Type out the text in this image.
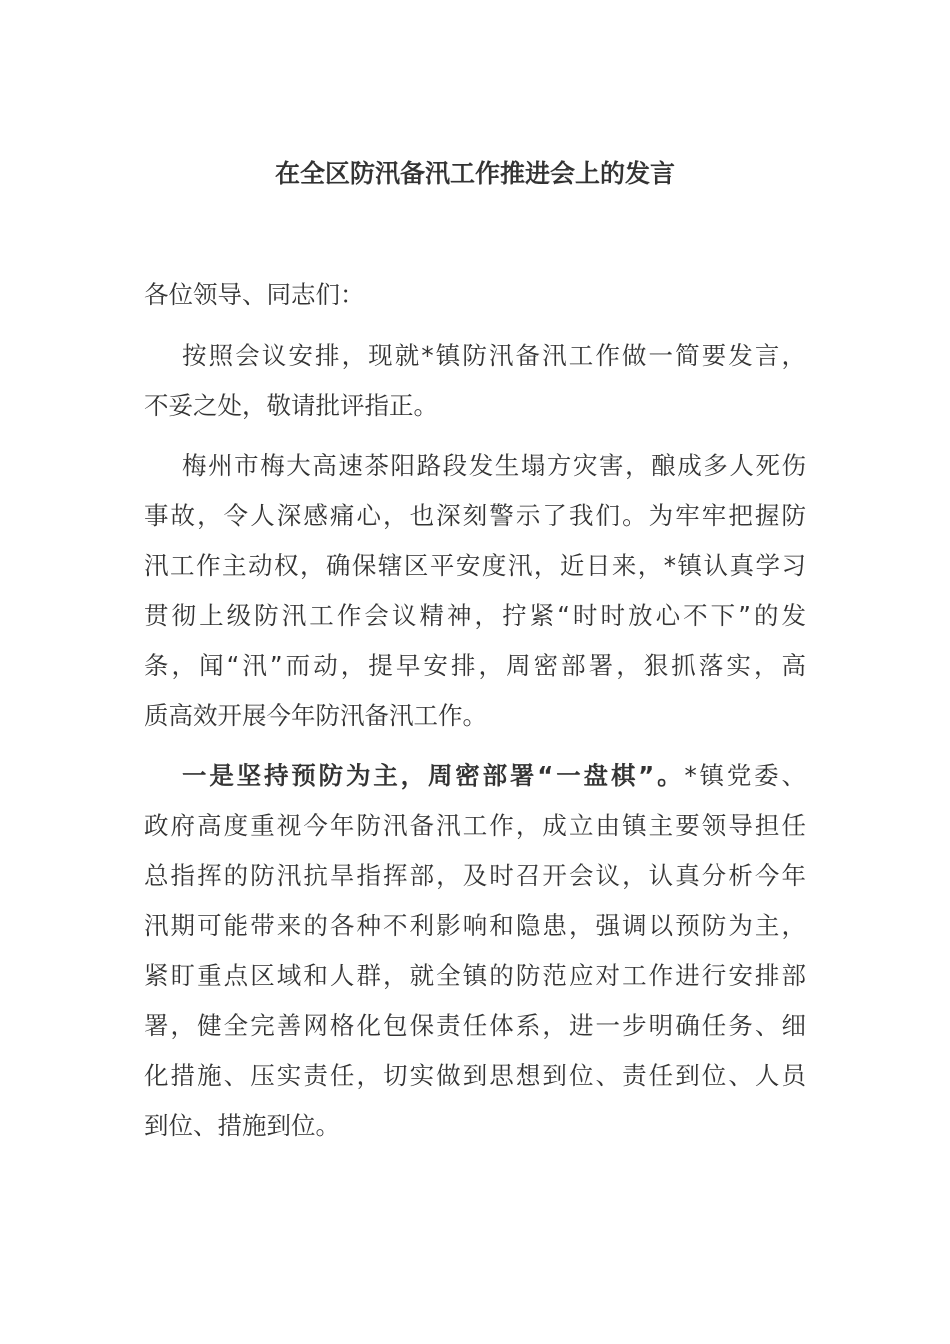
在全区防汛备汛工作推进会上的发言

各位领导、同志们：

按照会议安排，现就*镇防汛备汛工作做一简要发言，
不妥之处，敬请批评指正。
梅州市梅大高速茶阳路段发生塌方灾害，酿成多人死伤
事故，令人深感痛心，也深刻警示了我们。为牢牢把握防
汛工作主动权，确保辖区平安度汛，近日来，*镇认真学习
贯彻上级防汛工作会议精神，拧紧“时时放心不下”的发
条，闻“汛”而动，提早安排，周密部署，狠抓落实，高
质高效开展今年防汛备汛工作。
一是坚持预防为主，周密部署“一盘棋”。*镇党委、
政府高度重视今年防汛备汛工作，成立由镇主要领导担任
总指挥的防汛抗旱指挥部，及时召开会议，认真分析今年
汛期可能带来的各种不利影响和隐患，强调以预防为主，
紧盯重点区域和人群，就全镇的防范应对工作进行安排部
署，健全完善网格化包保责任体系，进一步明确任务、细
化措施、压实责任，切实做到思想到位、责任到位、人员
到位、措施到位。
